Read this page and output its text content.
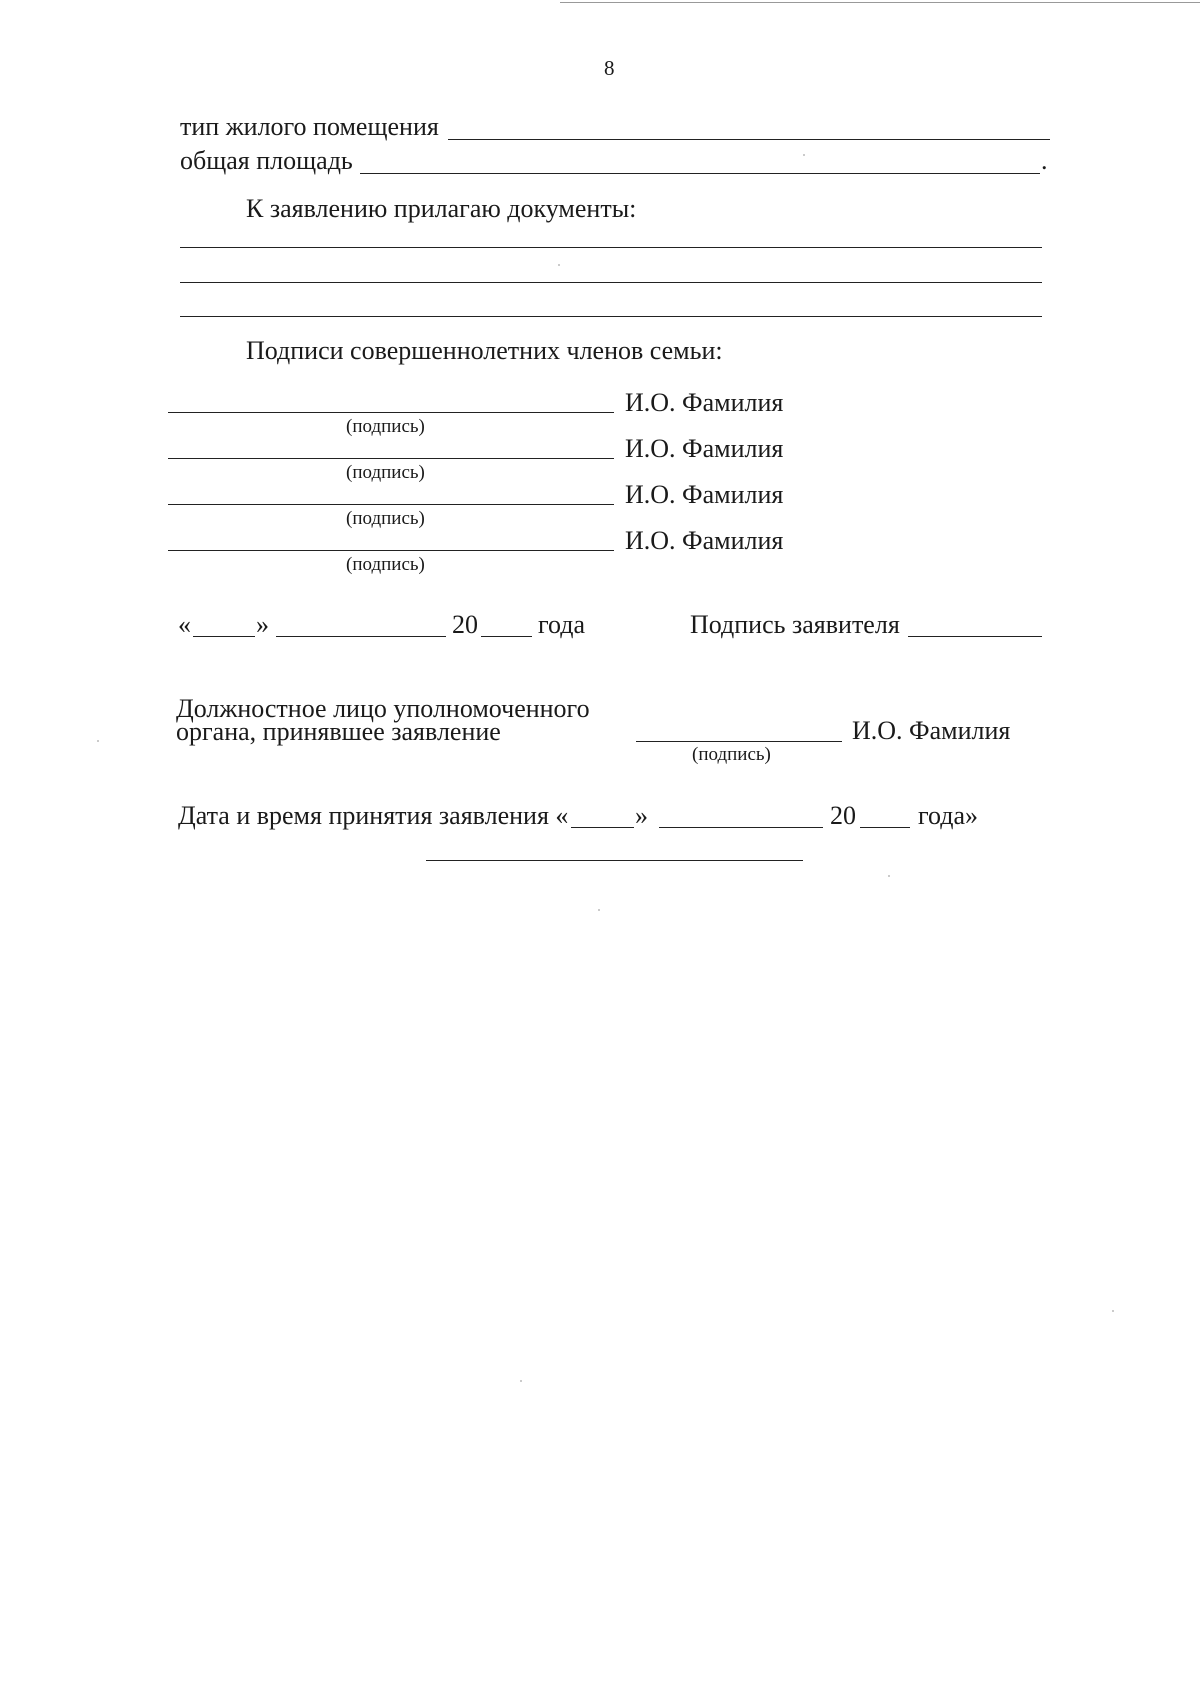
8
тип жилого помещения
общая площадь	.
К заявлению прилагаю документы:
Подписи совершеннолетних членов семьи:
И.О. Фамилия
(подпись)
И.О. Фамилия
(подпись)
И.О. Фамилия
(подпись)
И.О. Фамилия
(подпись)
«	»	20 года	Подпись заявителя
Должностное лицо уполномоченного
органа, принявшее заявление	И.О. Фамилия
(подпись)
Дата и время принятия заявления «	»	20 года»
